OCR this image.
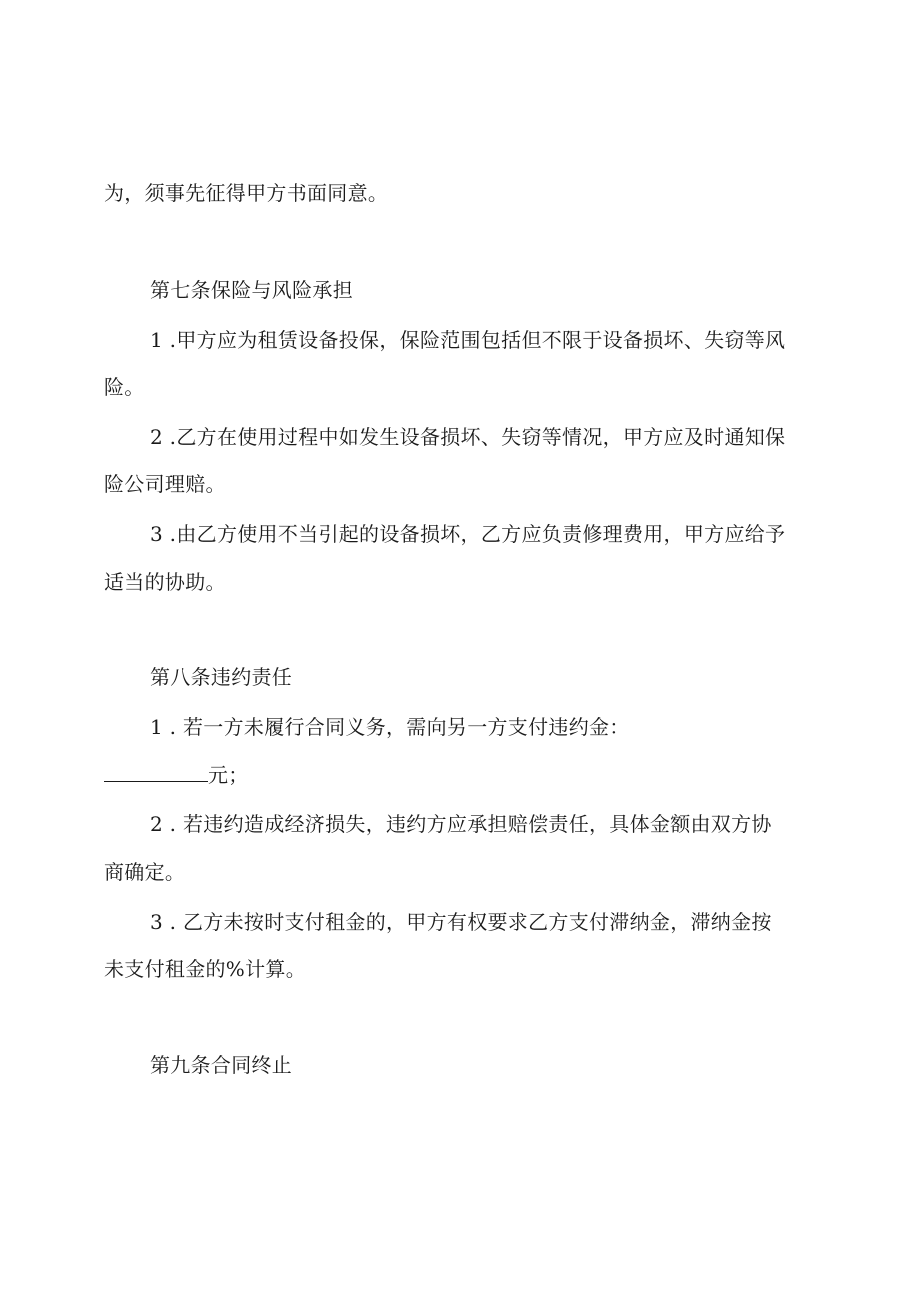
为，须事先征得甲方书面同意。
第七条保险与风险承担
1 .甲方应为租赁设备投保，保险范围包括但不限于设备损坏、失窃等风
险。
2 .乙方在使用过程中如发生设备损坏、失窃等情况，甲方应及时通知保
险公司理赔。
3 .由乙方使用不当引起的设备损坏，乙方应负责修理费用，甲方应给予
适当的协助。
第八条违约责任
1 . 若一方未履行合同义务，需向另一方支付违约金：
元；
2 . 若违约造成经济损失，违约方应承担赔偿责任，具体金额由双方协
商确定。
3 . 乙方未按时支付租金的，甲方有权要求乙方支付滞纳金，滞纳金按
未支付租金的%计算。
第九条合同终止
